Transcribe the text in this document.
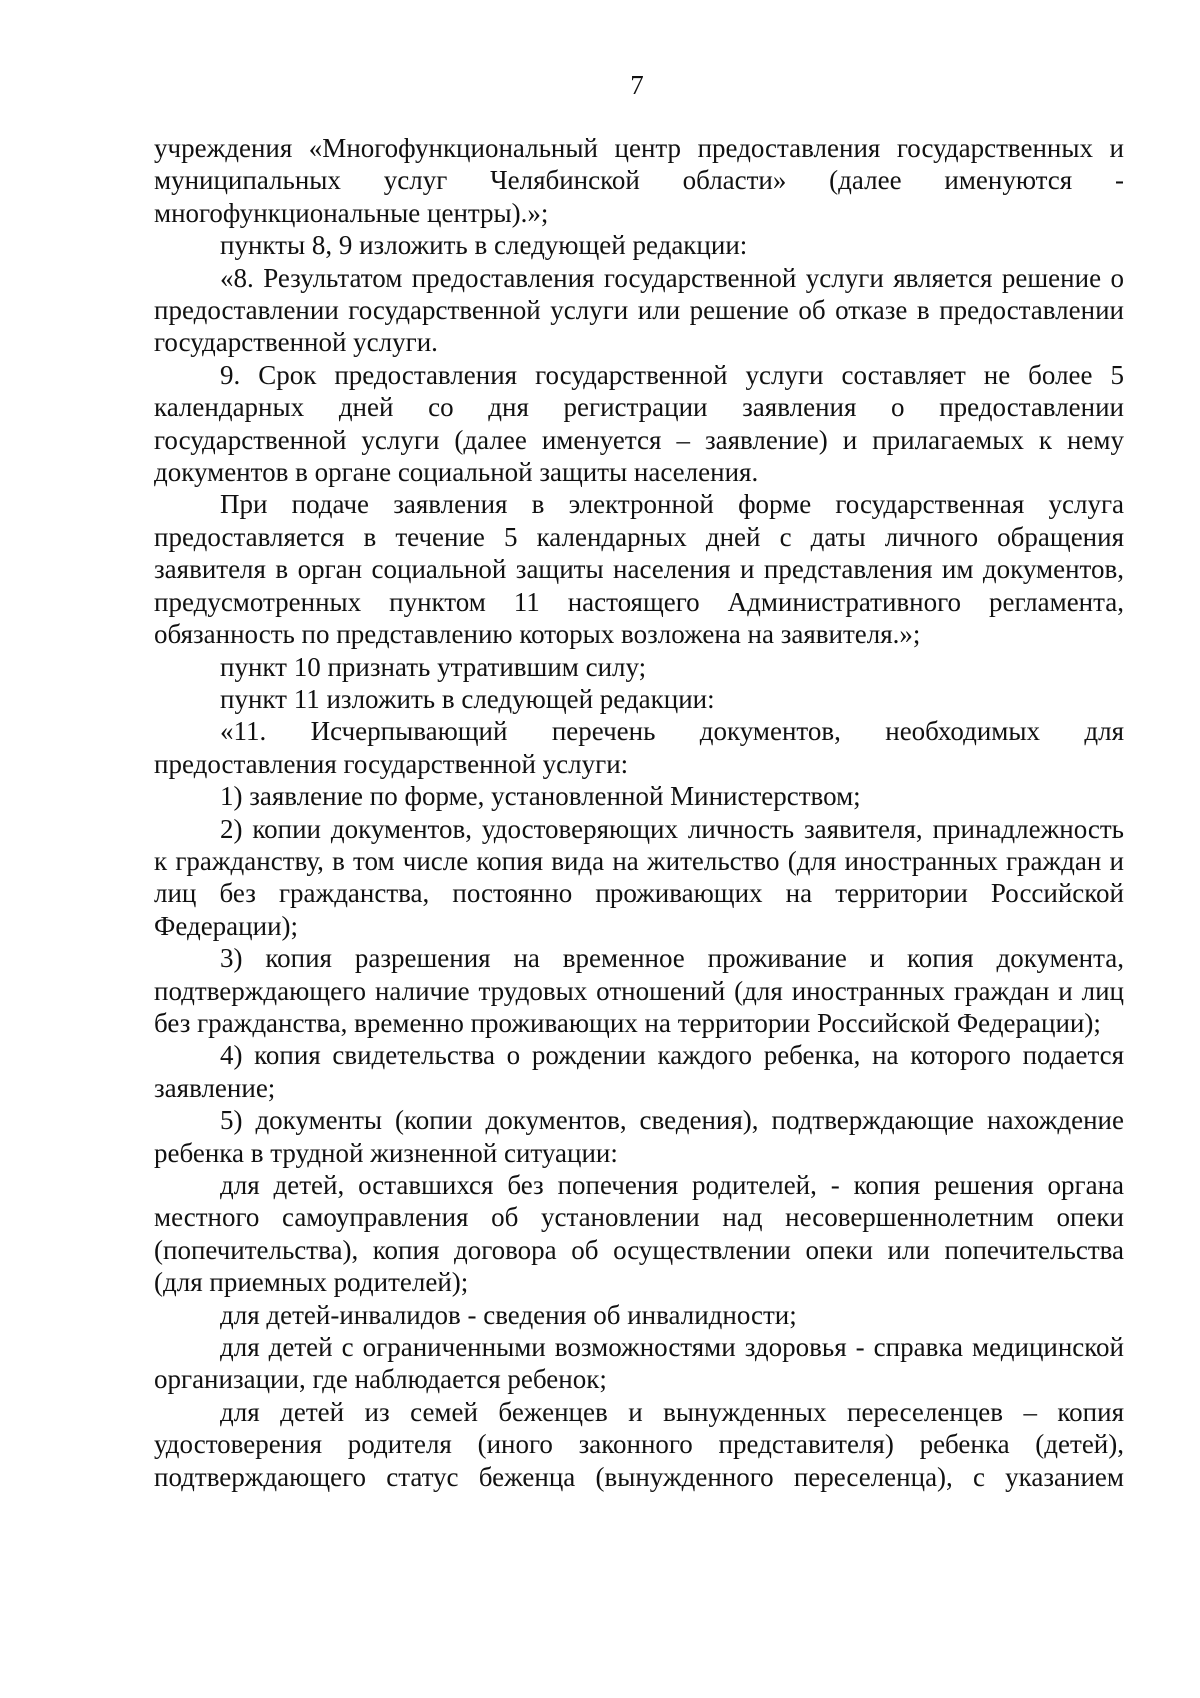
7

учреждения «Многофункциональный центр предоставления государственных и муниципальных услуг Челябинской области» (далее именуются - многофункциональные центры).»;

пункты 8, 9 изложить в следующей редакции:

«8. Результатом предоставления государственной услуги является решение о предоставлении государственной услуги или решение об отказе в предоставлении государственной услуги.

9. Срок предоставления государственной услуги составляет не более 5 календарных дней со дня регистрации заявления о предоставлении государственной услуги (далее именуется – заявление) и прилагаемых к нему документов в органе социальной защиты населения.

При подаче заявления в электронной форме государственная услуга предоставляется в течение 5 календарных дней с даты личного обращения заявителя в орган социальной защиты населения и представления им документов, предусмотренных пунктом 11 настоящего Административного регламента, обязанность по представлению которых возложена на заявителя.»;

пункт 10 признать утратившим силу;

пункт 11 изложить в следующей редакции:

«11. Исчерпывающий перечень документов, необходимых для предоставления государственной услуги:

1) заявление по форме, установленной Министерством;

2) копии документов, удостоверяющих личность заявителя, принадлежность к гражданству, в том числе копия вида на жительство (для иностранных граждан и лиц без гражданства, постоянно проживающих на территории Российской Федерации);

3) копия разрешения на временное проживание и копия документа, подтверждающего наличие трудовых отношений (для иностранных граждан и лиц без гражданства, временно проживающих на территории Российской Федерации);

4) копия свидетельства о рождении каждого ребенка, на которого подается заявление;

5) документы (копии документов, сведения), подтверждающие нахождение ребенка в трудной жизненной ситуации:

для детей, оставшихся без попечения родителей, - копия решения органа местного самоуправления об установлении над несовершеннолетним опеки (попечительства), копия договора об осуществлении опеки или попечительства (для приемных родителей);

для детей-инвалидов - сведения об инвалидности;

для детей с ограниченными возможностями здоровья - справка медицинской организации, где наблюдается ребенок;

для детей из семей беженцев и вынужденных переселенцев – копия удостоверения родителя (иного законного представителя) ребенка (детей), подтверждающего статус беженца (вынужденного переселенца), с указанием
